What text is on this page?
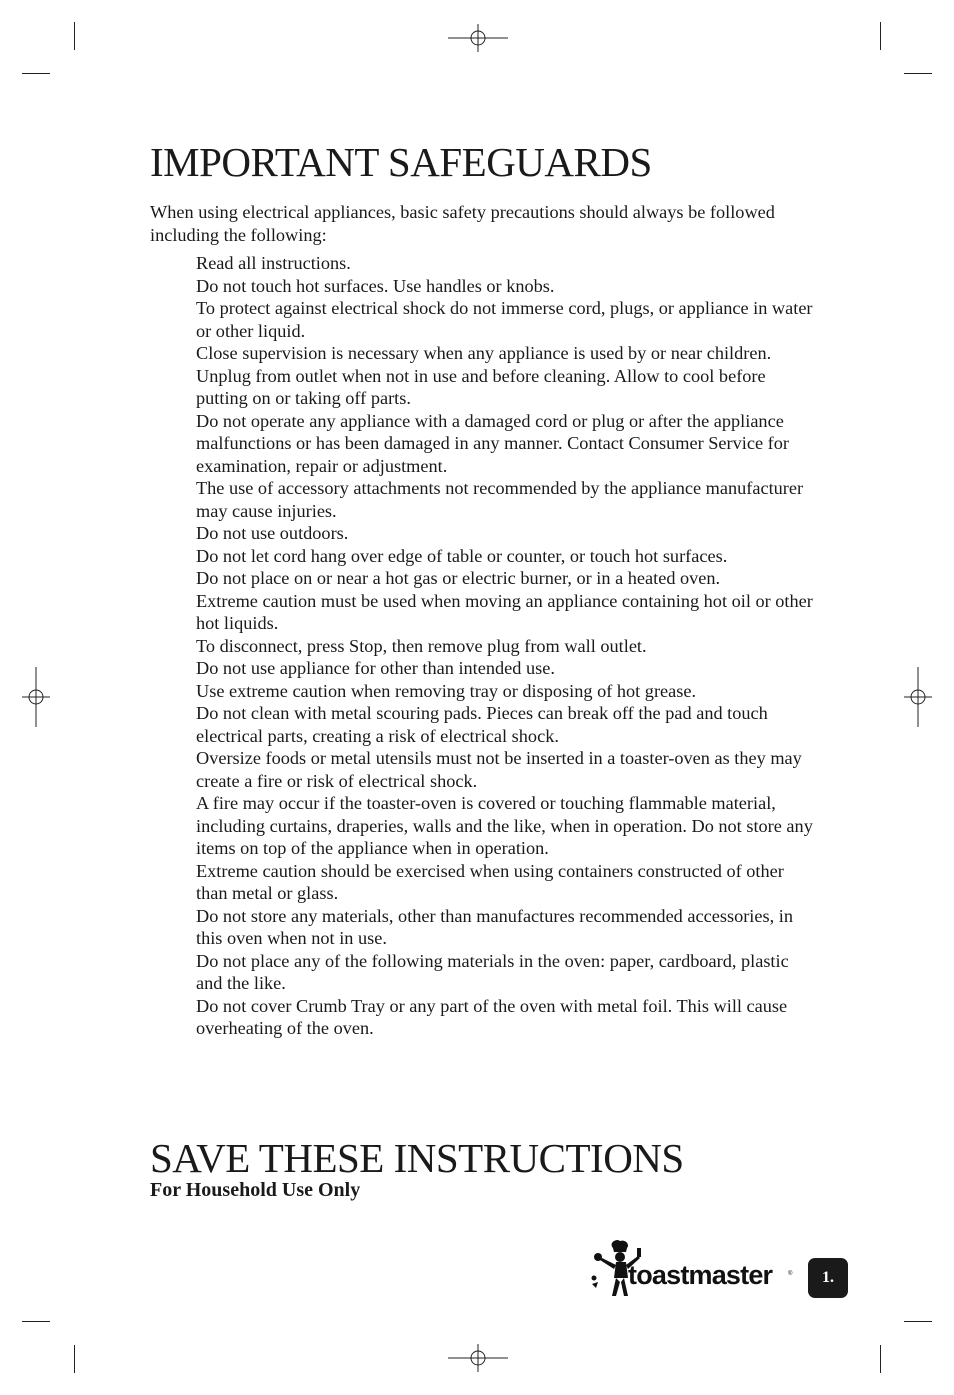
IMPORTANT SAFEGUARDS

When using electrical appliances, basic safety precautions should always be followed including the following:

Read all instructions.
Do not touch hot surfaces. Use handles or knobs.
To protect against electrical shock do not immerse cord, plugs, or appliance in water or other liquid.
Close supervision is necessary when any appliance is used by or near children.
Unplug from outlet when not in use and before cleaning. Allow to cool before putting on or taking off parts.
Do not operate any appliance with a damaged cord or plug or after the appliance malfunctions or has been damaged in any manner. Contact Consumer Service for examination, repair or adjustment.
The use of accessory attachments not recommended by the appliance manufacturer may cause injuries.
Do not use outdoors.
Do not let cord hang over edge of table or counter, or touch hot surfaces.
Do not place on or near a hot gas or electric burner, or in a heated oven.
Extreme caution must be used when moving an appliance containing hot oil or other hot liquids.
To disconnect, press Stop, then remove plug from wall outlet.
Do not use appliance for other than intended use.
Use extreme caution when removing tray or disposing of hot grease.
Do not clean with metal scouring pads. Pieces can break off the pad and touch electrical parts, creating a risk of electrical shock.
Oversize foods or metal utensils must not be inserted in a toaster-oven as they may create a fire or risk of electrical shock.
A fire may occur if the toaster-oven is covered or touching flammable material, including curtains, draperies, walls and the like, when in operation. Do not store any items on top of the appliance when in operation.
Extreme caution should be exercised when using containers constructed of other than metal or glass.
Do not store any materials, other than manufactures recommended accessories, in this oven when not in use.
Do not place any of the following materials in the oven: paper, cardboard, plastic and the like.
Do not cover Crumb Tray or any part of the oven with metal foil. This will cause overheating of the oven.
SAVE THESE INSTRUCTIONS

For Household Use Only

toastmaster	® 1.
